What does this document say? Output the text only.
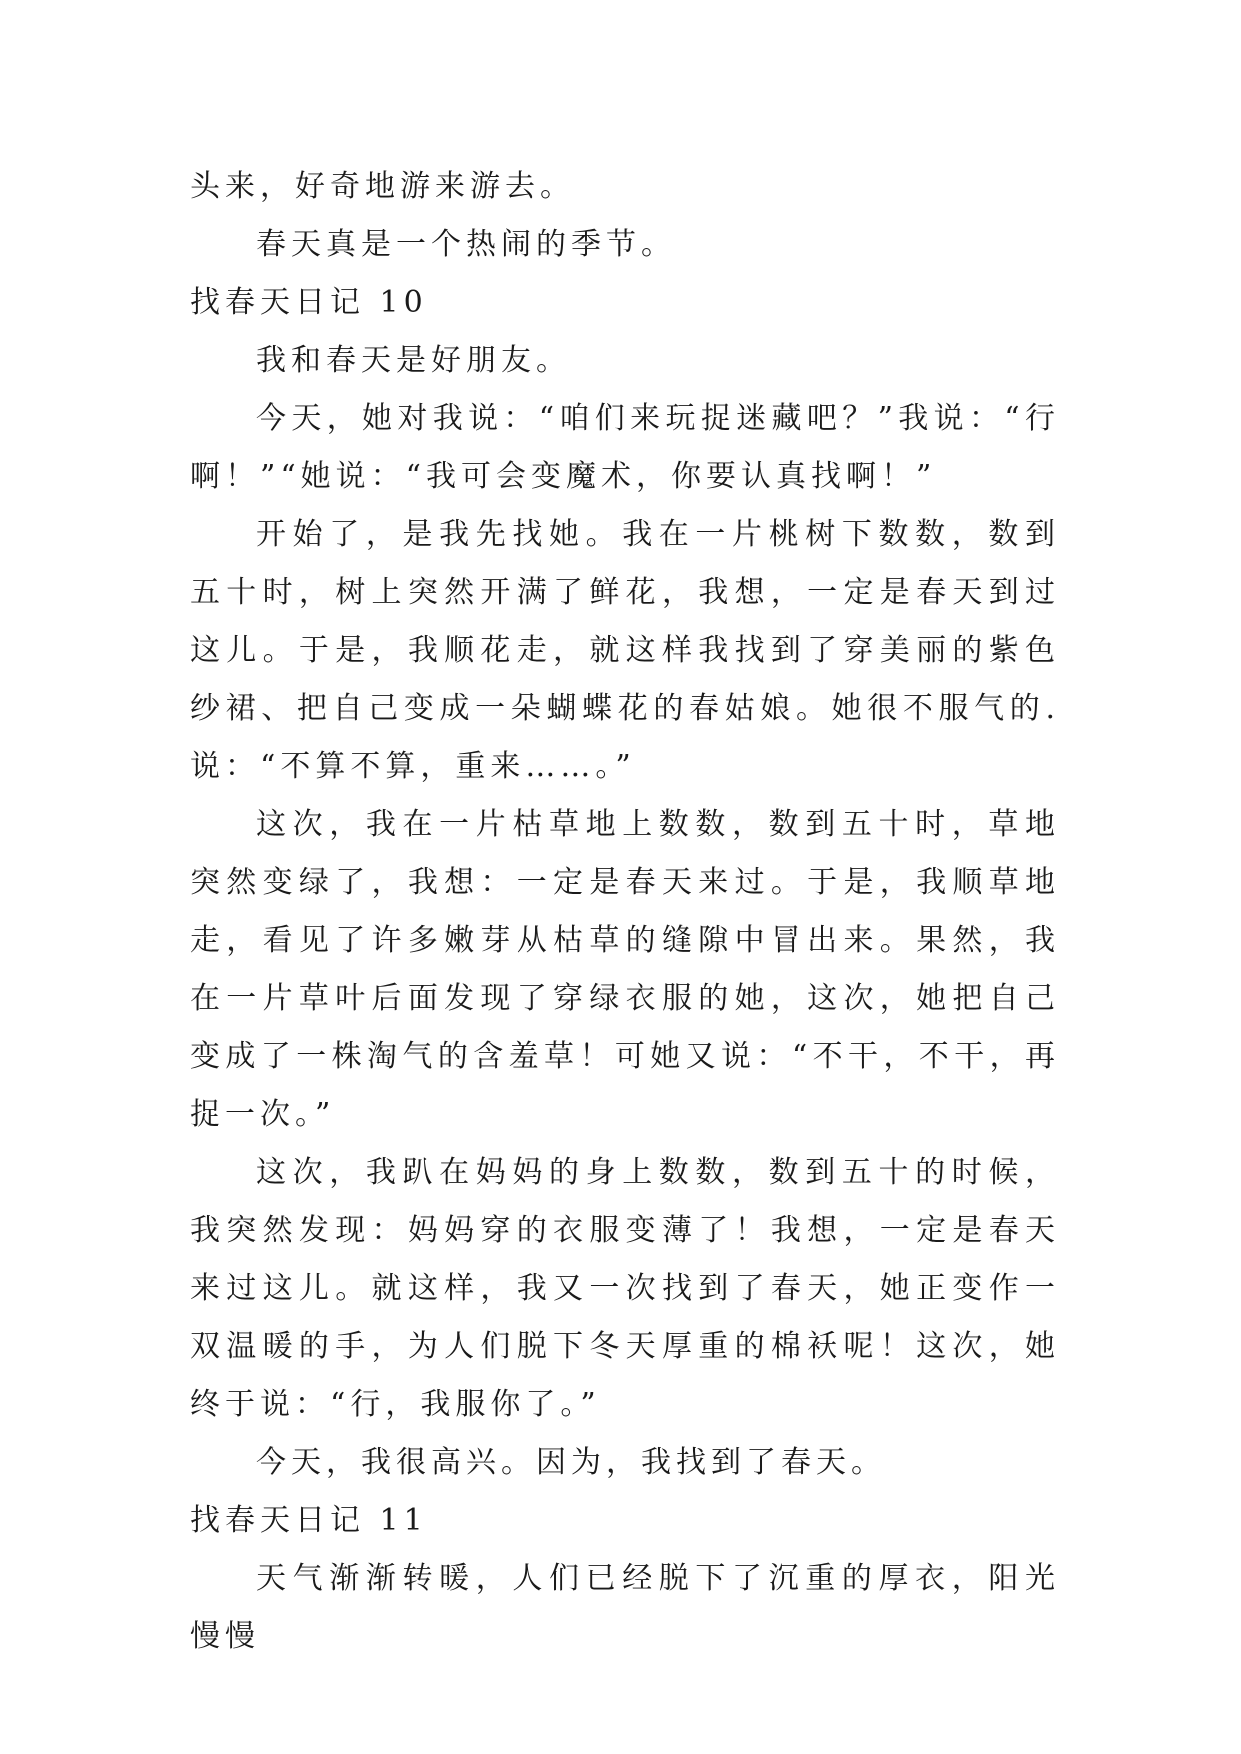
头来，好奇地游来游去。

春天真是一个热闹的季节。

找春天日记 10

我和春天是好朋友。

今天，她对我说：“咱们来玩捉迷藏吧？”我说：“行啊！”“她说：“我可会变魔术，你要认真找啊！”

开始了，是我先找她。我在一片桃树下数数，数到五十时，树上突然开满了鲜花，我想，一定是春天到过这儿。于是，我顺花走，就这样我找到了穿美丽的紫色纱裙、把自己变成一朵蝴蝶花的春姑娘。她很不服气的.说：“不算不算，重来……。”

这次，我在一片枯草地上数数，数到五十时，草地突然变绿了，我想：一定是春天来过。于是，我顺草地走，看见了许多嫩芽从枯草的缝隙中冒出来。果然，我在一片草叶后面发现了穿绿衣服的她，这次，她把自己变成了一株淘气的含羞草！可她又说：“不干，不干，再捉一次。”

这次，我趴在妈妈的身上数数，数到五十的时候，我突然发现：妈妈穿的衣服变薄了！我想，一定是春天来过这儿。就这样，我又一次找到了春天，她正变作一双温暖的手，为人们脱下冬天厚重的棉袄呢！这次，她终于说：“行，我服你了。”

今天，我很高兴。因为，我找到了春天。

找春天日记 11

天气渐渐转暖，人们已经脱下了沉重的厚衣，阳光慢慢
